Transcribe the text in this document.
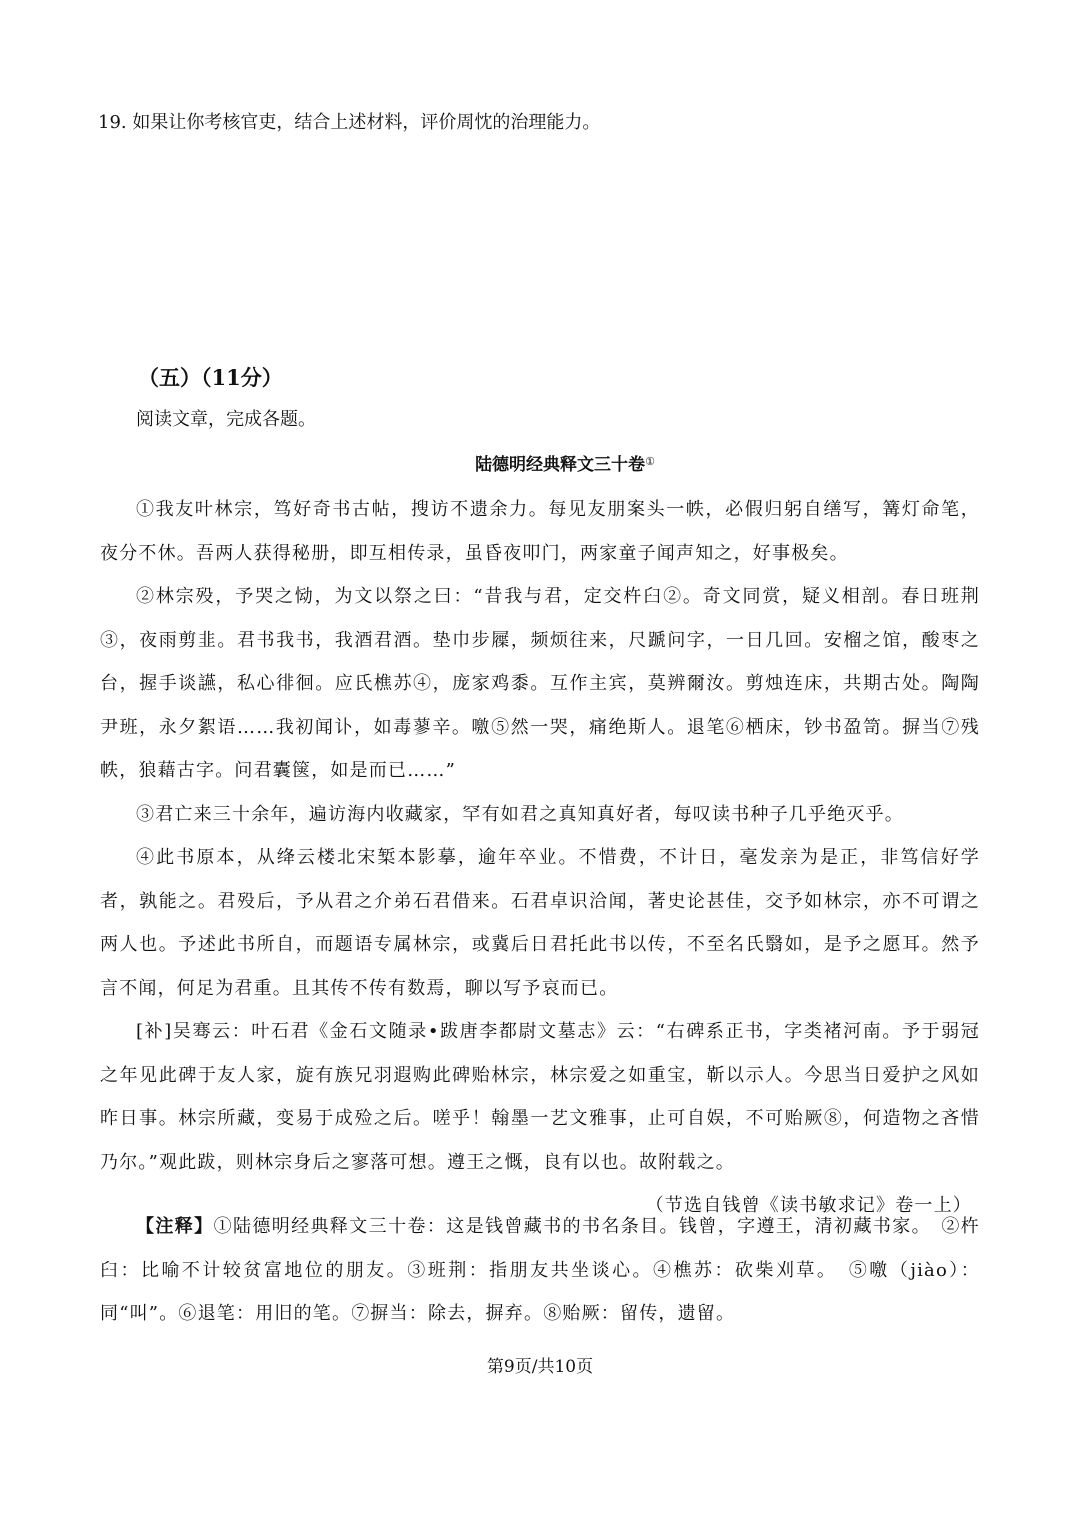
19. 如果让你考核官吏，结合上述材料，评价周忱的治理能力。
（五）（11分）
阅读文章，完成各题。
陆德明经典释文三十卷①

①我友叶林宗，笃好奇书古帖，搜访不遗余力。每见友朋案头一帙，必假归躬自缮写，篝灯命笔，夜分不休。吾两人获得秘册，即互相传录，虽昏夜叩门，两家童子闻声知之，好事极矣。

②林宗殁，予哭之恸，为文以祭之曰：“昔我与君，定交杵臼②。奇文同赏，疑义相剖。春日班荆③，夜雨剪韭。君书我书，我酒君酒。垫巾步屧，频烦往来，尺蹏问字，一日几回。安榴之馆，酸枣之台，握手谈讌，私心徘徊。应氏樵苏④，庞家鸡黍。互作主宾，莫辨爾汝。剪烛连床，共期古处。陶陶尹班，永夕絮语……我初闻讣，如毒蓼辛。噭⑤然一哭，痛绝斯人。退笔⑥栖床，钞书盈笥。摒当⑦残帙，狼藉古字。问君囊箧，如是而已……”

③君亡来三十余年，遍访海内收藏家，罕有如君之真知真好者，每叹读书种子几乎绝灭乎。

④此书原本，从绛云楼北宋椠本影摹，逾年卒业。不惜费，不计日，毫发亲为是正，非笃信好学者，孰能之。君殁后，予从君之介弟石君借来。石君卓识洽闻，著史论甚佳，交予如林宗，亦不可谓之两人也。予述此书所自，而题语专属林宗，或冀后日君托此书以传，不至名氏翳如，是予之愿耳。然予言不闻，何足为君重。且其传不传有数焉，聊以写予哀而已。

[补]吴骞云：叶石君《金石文随录•跋唐李都尉文墓志》云：“右碑系正书，字类褚河南。予于弱冠之年见此碑于友人家，旋有族兄羽遐购此碑贻林宗，林宗爱之如重宝，靳以示人。今思当日爱护之风如昨日事。林宗所藏，变易于成殓之后。嗟乎！翰墨一艺文雅事，止可自娱，不可贻厥⑧，何造物之吝惜乃尔。”观此跋，则林宗身后之寥落可想。遵王之慨，良有以也。故附载之。

（节选自钱曾《读书敏求记》卷一上）

【注释】①陆德明经典释文三十卷：这是钱曾藏书的书名条目。钱曾，字遵王，清初藏书家。　②杵臼：比喻不计较贫富地位的朋友。③班荆：指朋友共坐谈心。④樵苏：砍柴刈草。　⑤噭（jiào）：同“叫”。⑥退笔：用旧的笔。⑦摒当：除去，摒弃。⑧贻厥：留传，遗留。

第9页/共10页
